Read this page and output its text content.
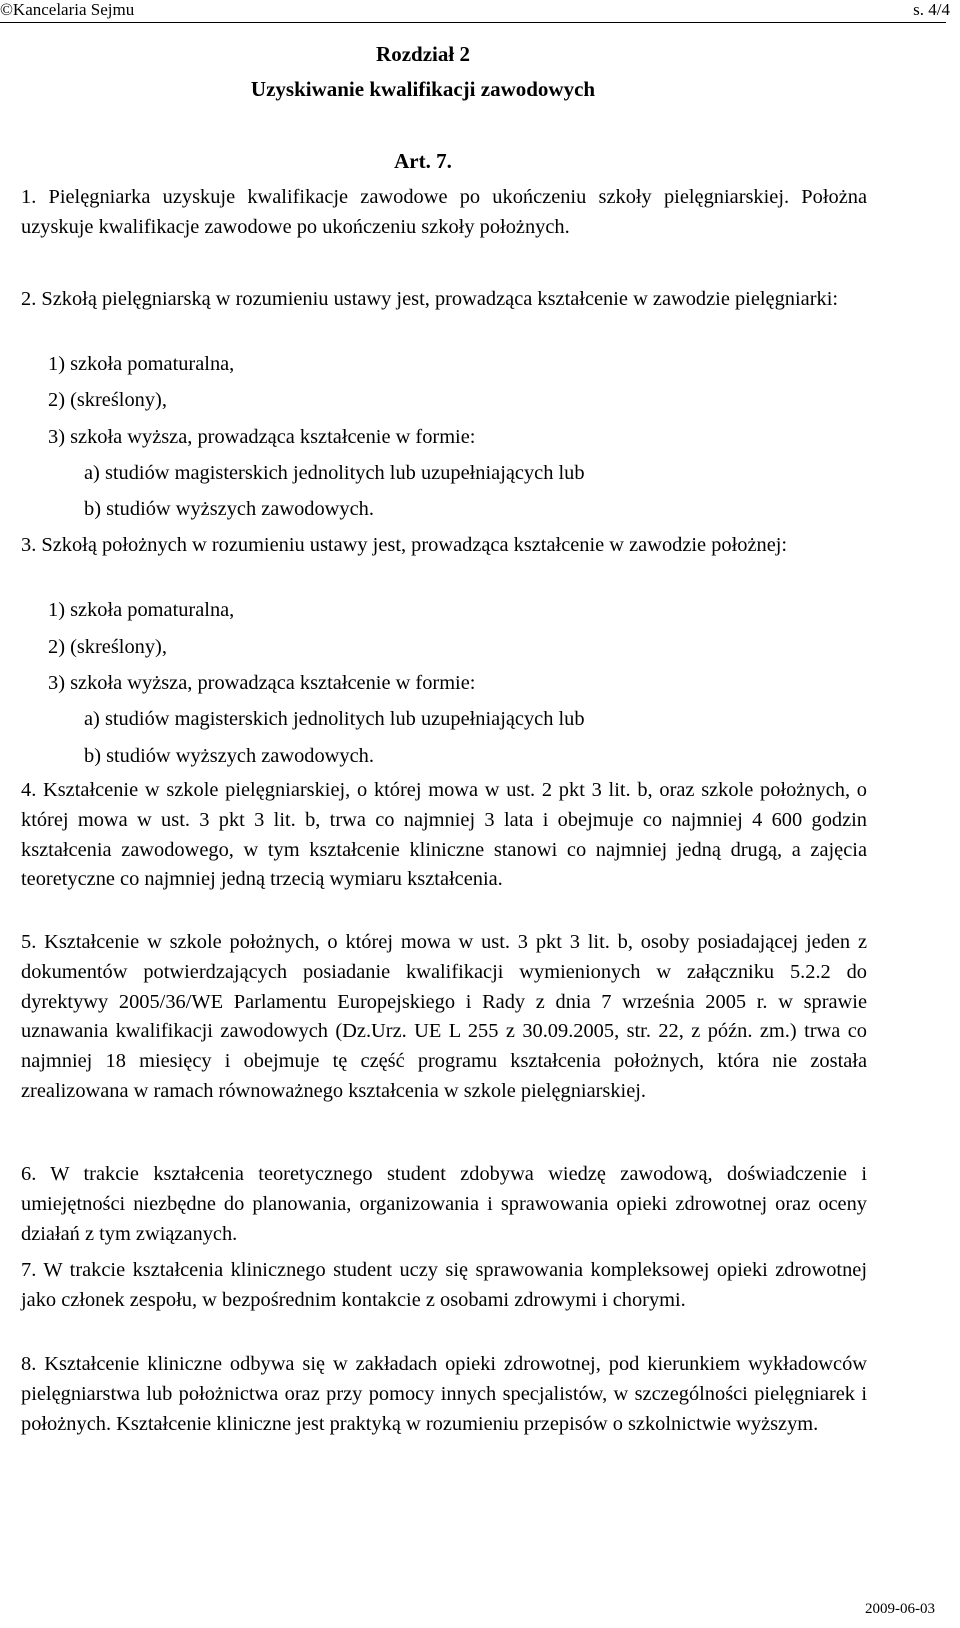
©Kancelaria Sejmu	s. 4/4
Rozdział 2
Uzyskiwanie kwalifikacji zawodowych
Art. 7.

1. Pielęgniarka uzyskuje kwalifikacje zawodowe po ukończeniu szkoły pielęgniarskiej. Położna uzyskuje kwalifikacje zawodowe po ukończeniu szkoły położnych.

2. Szkołą pielęgniarską w rozumieniu ustawy jest, prowadząca kształcenie w zawodzie pielęgniarki:

1) szkoła pomaturalna,
2) (skreślony),
3) szkoła wyższa, prowadząca kształcenie w formie:
a) studiów magisterskich jednolitych lub uzupełniających lub
b) studiów wyższych zawodowych.

3. Szkołą położnych w rozumieniu ustawy jest, prowadząca kształcenie w zawodzie położnej:

1) szkoła pomaturalna,
2) (skreślony),
3) szkoła wyższa, prowadząca kształcenie w formie:
a) studiów magisterskich jednolitych lub uzupełniających lub
b) studiów wyższych zawodowych.

4. Kształcenie w szkole pielęgniarskiej, o której mowa w ust. 2 pkt 3 lit. b, oraz szkole położnych, o której mowa w ust. 3 pkt 3 lit. b, trwa co najmniej 3 lata i obejmuje co najmniej 4 600 godzin kształcenia zawodowego, w tym kształcenie kliniczne stanowi co najmniej jedną drugą, a zajęcia teoretyczne co najmniej jedną trzecią wymiaru kształcenia.

5. Kształcenie w szkole położnych, o której mowa w ust. 3 pkt 3 lit. b, osoby posiadającej jeden z dokumentów potwierdzających posiadanie kwalifikacji wymienionych w załączniku 5.2.2 do dyrektywy 2005/36/WE Parlamentu Europejskiego i Rady z dnia 7 września 2005 r. w sprawie uznawania kwalifikacji zawodowych (Dz.Urz. UE L 255 z 30.09.2005, str. 22, z późn. zm.) trwa co najmniej 18 miesięcy i obejmuje tę część programu kształcenia położnych, która nie została zrealizowana w ramach równoważnego kształcenia w szkole pielęgniarskiej.

6. W trakcie kształcenia teoretycznego student zdobywa wiedzę zawodową, doświadczenie i umiejętności niezbędne do planowania, organizowania i sprawowania opieki zdrowotnej oraz oceny działań z tym związanych.

7. W trakcie kształcenia klinicznego student uczy się sprawowania kompleksowej opieki zdrowotnej jako członek zespołu, w bezpośrednim kontakcie z osobami zdrowymi i chorymi.

8. Kształcenie kliniczne odbywa się w zakładach opieki zdrowotnej, pod kierunkiem wykładowców pielęgniarstwa lub położnictwa oraz przy pomocy innych specjalistów, w szczególności pielęgniarek i położnych. Kształcenie kliniczne jest praktyką w rozumieniu przepisów o szkolnictwie wyższym.

2009-06-03
